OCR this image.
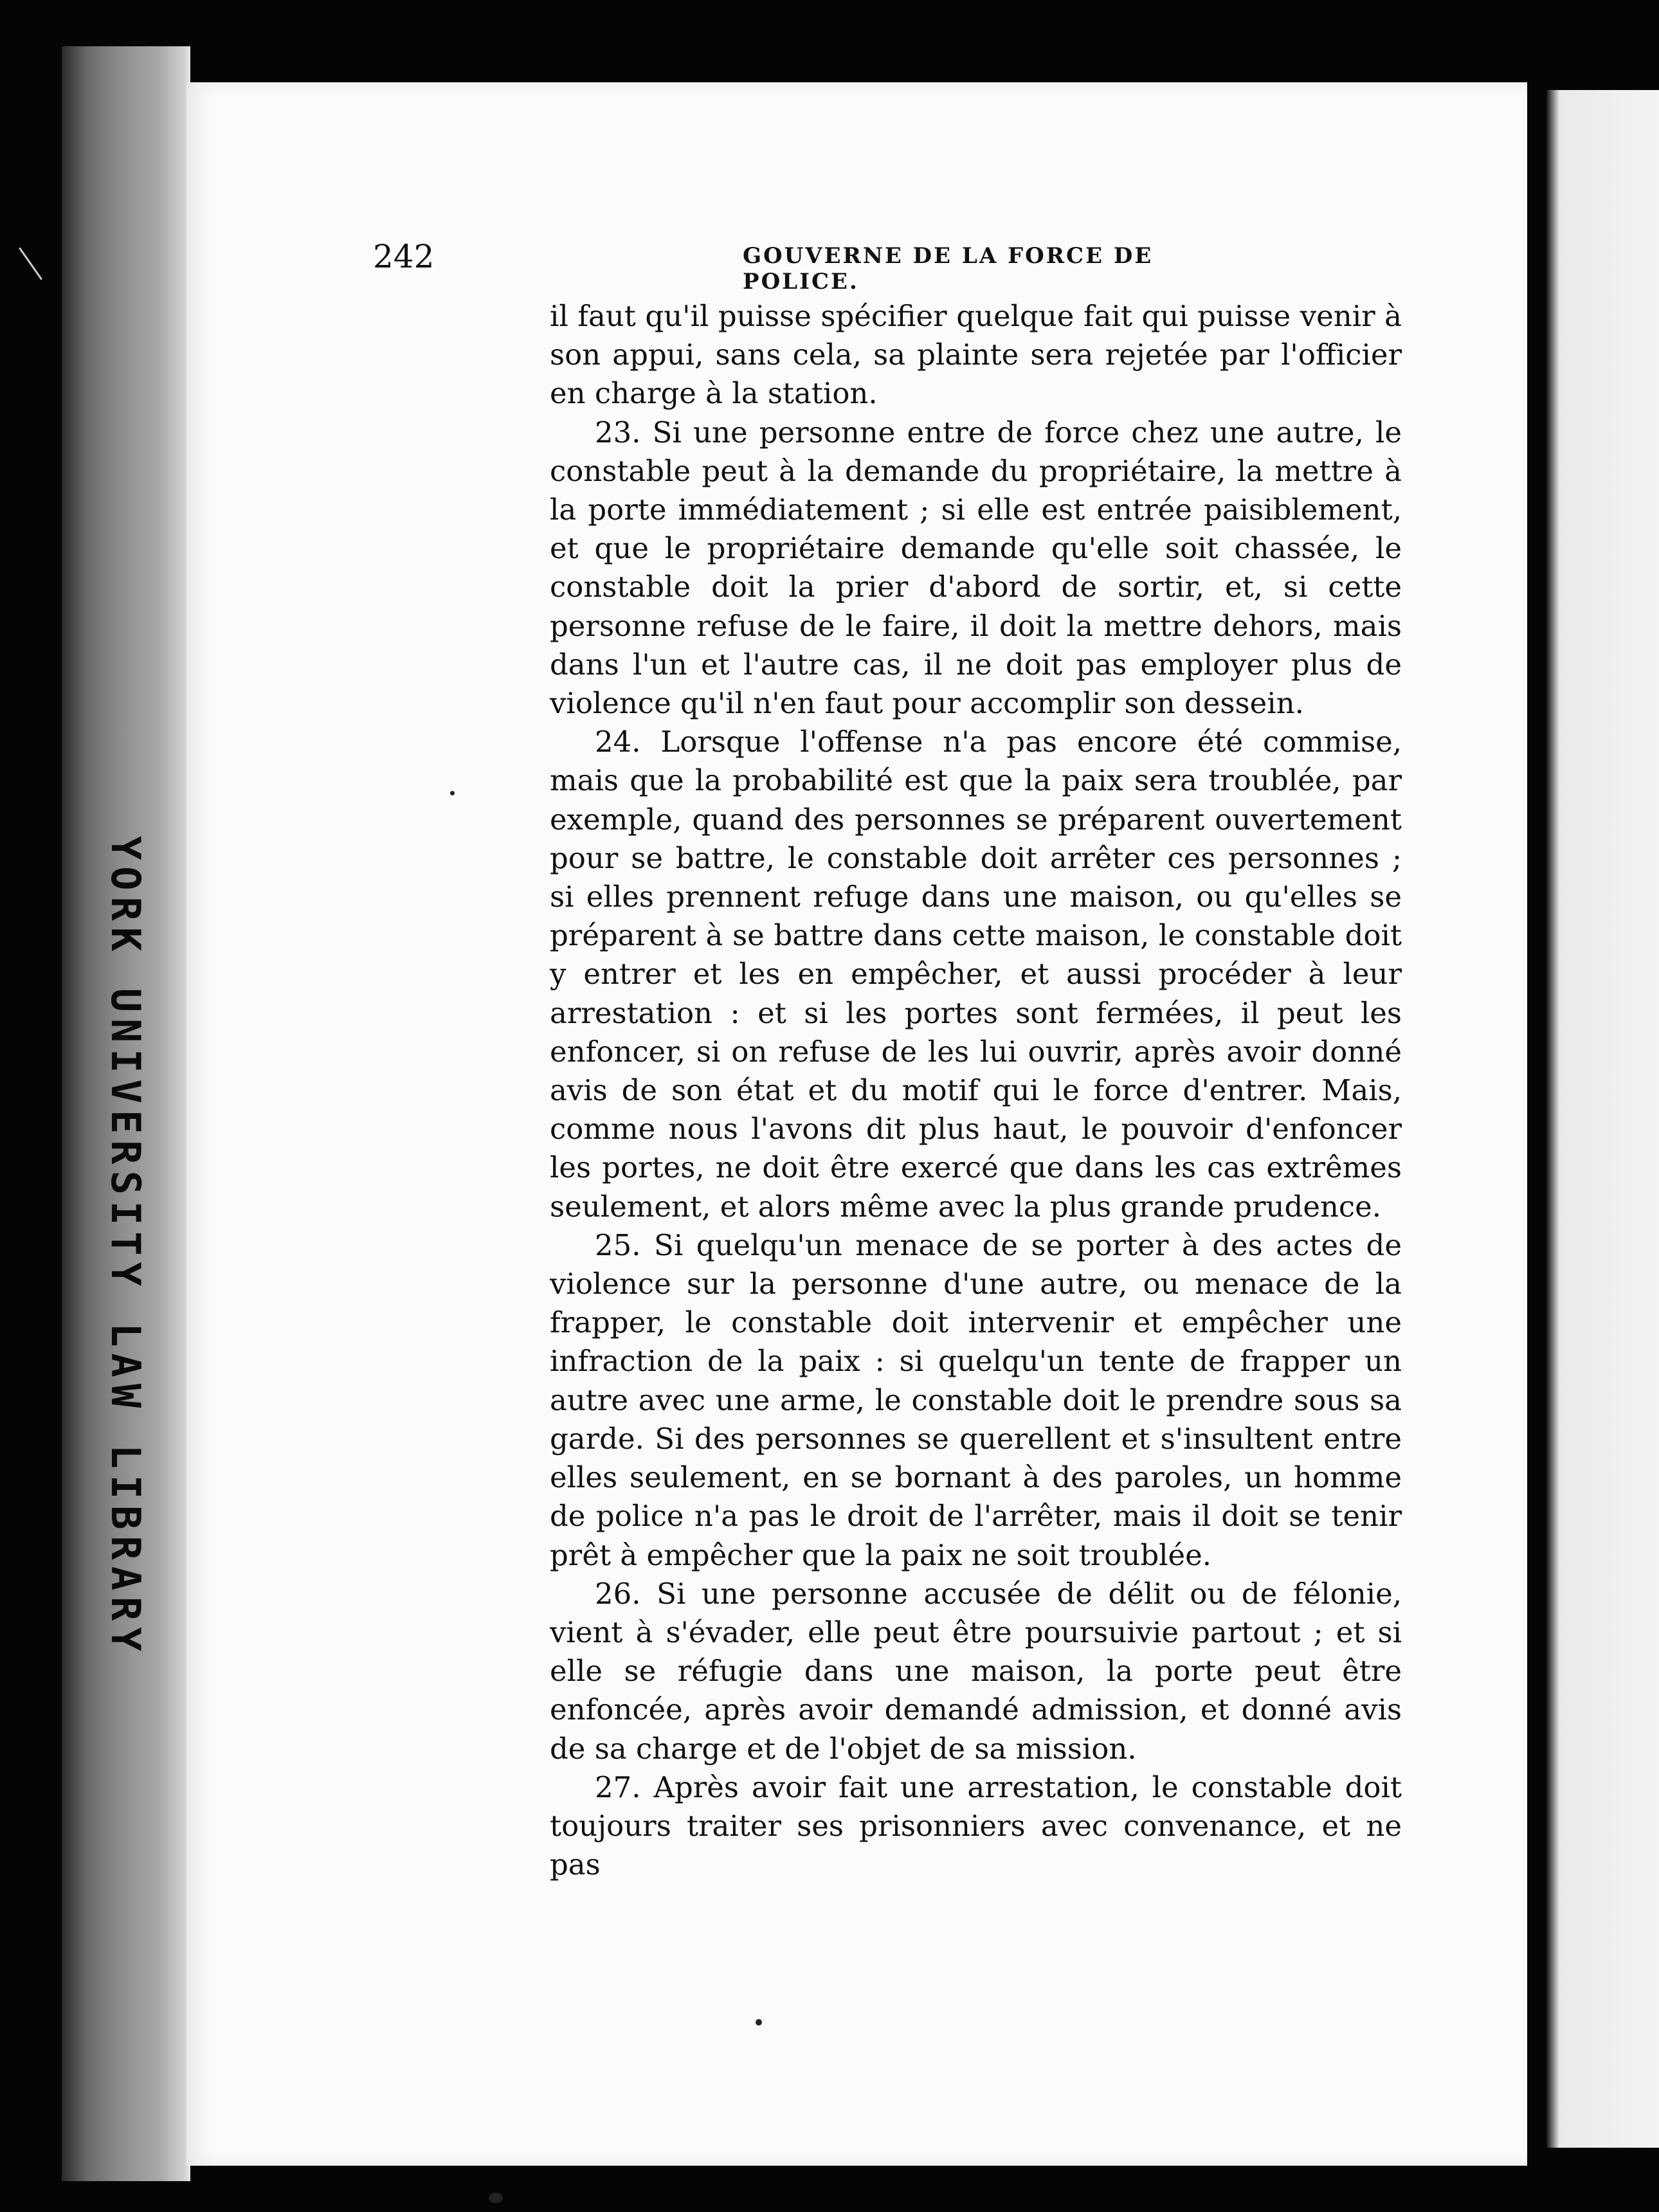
YORK UNIVERSITY LAW LIBRARY
242	GOUVERNE DE LA FORCE DE POLICE.

il faut qu'il puisse spécifier quelque fait qui puisse venir à son appui, sans cela, sa plainte sera rejetée par l'officier en charge à la station.

23. Si une personne entre de force chez une autre, le constable peut à la demande du propriétaire, la mettre à la porte immédiatement ; si elle est entrée paisiblement, et que le propriétaire demande qu'elle soit chassée, le constable doit la prier d'abord de sortir, et, si cette personne refuse de le faire, il doit la mettre dehors, mais dans l'un et l'autre cas, il ne doit pas employer plus de violence qu'il n'en faut pour accomplir son dessein.

24. Lorsque l'offense n'a pas encore été commise, mais que la probabilité est que la paix sera troublée, par exemple, quand des personnes se préparent ouvertement pour se battre, le constable doit arrêter ces personnes ; si elles prennent refuge dans une maison, ou qu'elles se préparent à se battre dans cette maison, le constable doit y entrer et les en empêcher, et aussi procéder à leur arrestation : et si les portes sont fermées, il peut les enfoncer, si on refuse de les lui ouvrir, après avoir donné avis de son état et du motif qui le force d'entrer. Mais, comme nous l'avons dit plus haut, le pouvoir d'enfoncer les portes, ne doit être exercé que dans les cas extrêmes seulement, et alors même avec la plus grande prudence.

25. Si quelqu'un menace de se porter à des actes de violence sur la personne d'une autre, ou menace de la frapper, le constable doit intervenir et empêcher une infraction de la paix : si quelqu'un tente de frapper un autre avec une arme, le constable doit le prendre sous sa garde. Si des personnes se querellent et s'insultent entre elles seulement, en se bornant à des paroles, un homme de police n'a pas le droit de l'arrêter, mais il doit se tenir prêt à empêcher que la paix ne soit troublée.

26. Si une personne accusée de délit ou de félonie, vient à s'évader, elle peut être poursuivie partout ; et si elle se réfugie dans une maison, la porte peut être enfoncée, après avoir demandé admission, et donné avis de sa charge et de l'objet de sa mission.

27. Après avoir fait une arrestation, le constable doit toujours traiter ses prisonniers avec convenance, et ne pas
